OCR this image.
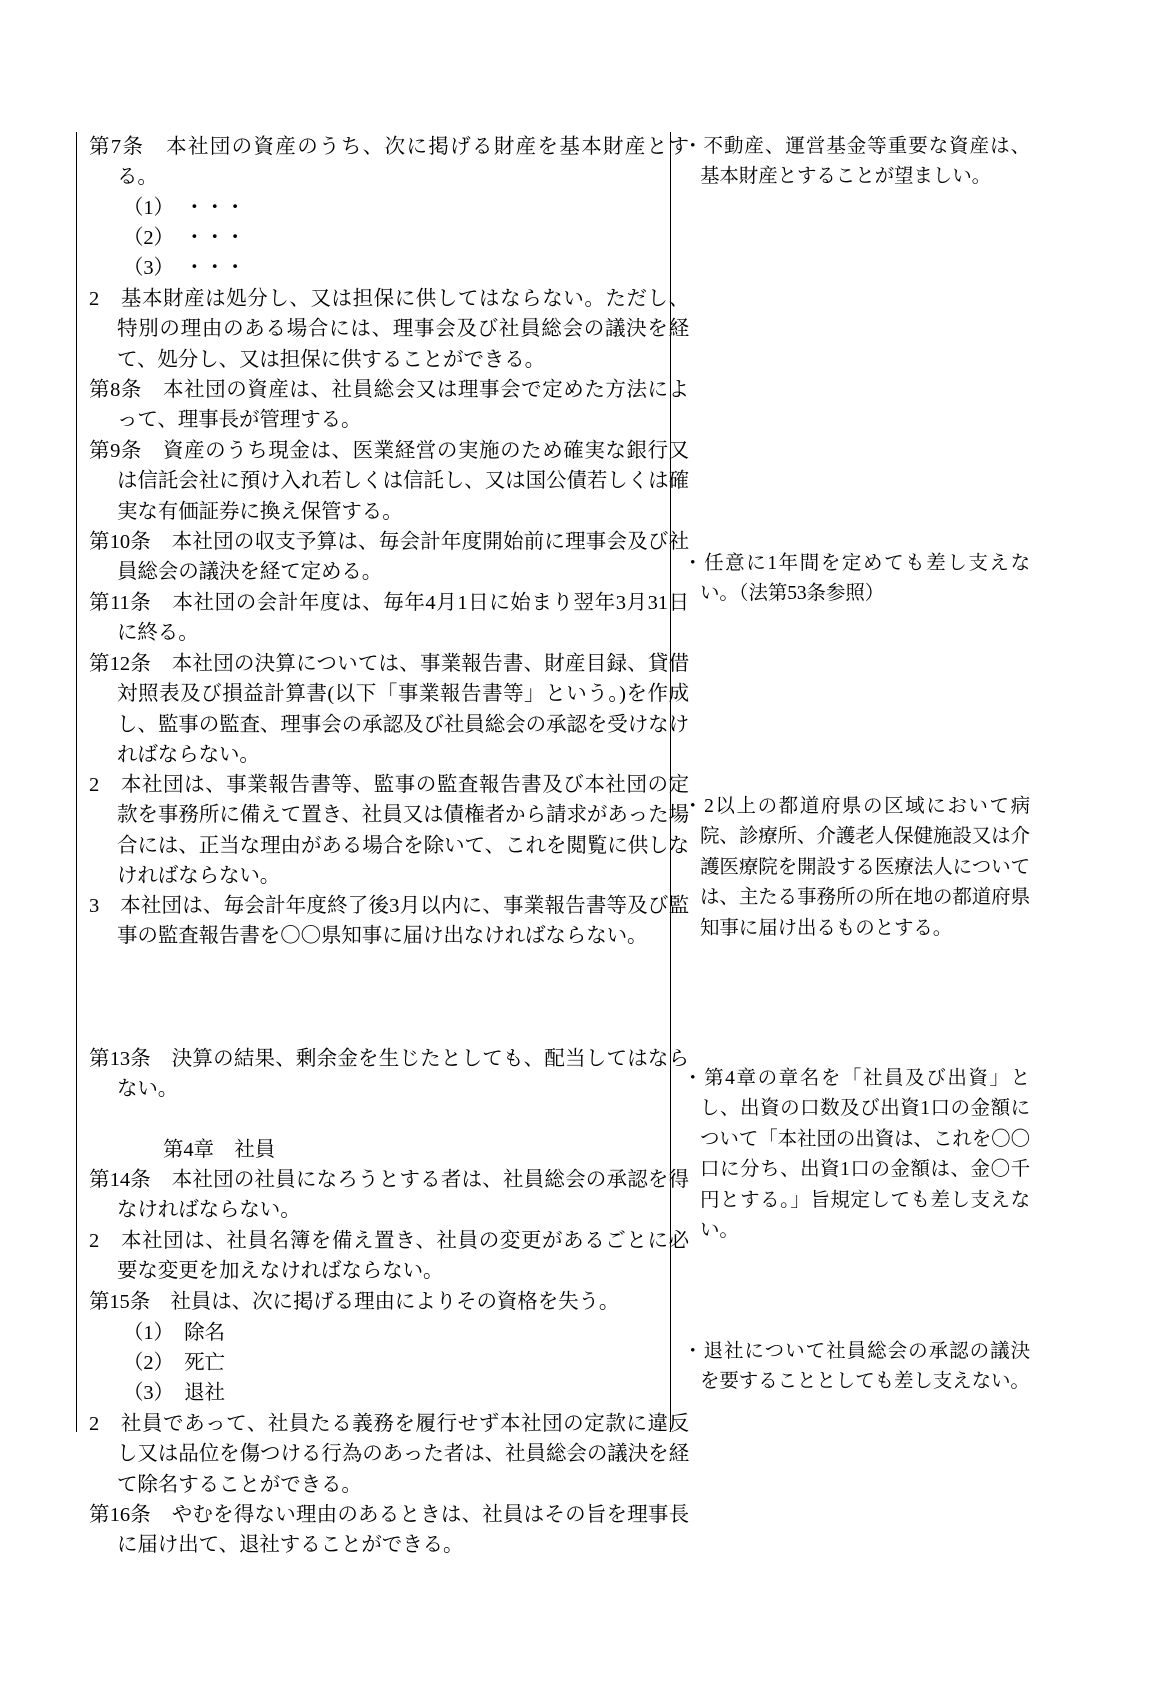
第7条　本社団の資産のうち、次に掲げる財産を基本財産とする。
（1）　・・・
（2）　・・・
（3）　・・・
2　基本財産は処分し、又は担保に供してはならない。ただし、特別の理由のある場合には、理事会及び社員総会の議決を経て、処分し、又は担保に供することができる。
第8条　本社団の資産は、社員総会又は理事会で定めた方法によって、理事長が管理する。
第9条　資産のうち現金は、医業経営の実施のため確実な銀行又は信託会社に預け入れ若しくは信託し、又は国公債若しくは確実な有価証券に換え保管する。
第10条　本社団の収支予算は、毎会計年度開始前に理事会及び社員総会の議決を経て定める。
第11条　本社団の会計年度は、毎年4月1日に始まり翌年3月31日に終る。
第12条　本社団の決算については、事業報告書、財産目録、貸借対照表及び損益計算書(以下「事業報告書等」という。)を作成し、監事の監査、理事会の承認及び社員総会の承認を受けなければならない。
2　本社団は、事業報告書等、監事の監査報告書及び本社団の定款を事務所に備えて置き、社員又は債権者から請求があった場合には、正当な理由がある場合を除いて、これを閲覧に供しなければならない。
3　本社団は、毎会計年度終了後3月以内に、事業報告書等及び監事の監査報告書を〇〇県知事に届け出なければならない。
第13条　決算の結果、剰余金を生じたとしても、配当してはならない。
第4章　社員
第14条　本社団の社員になろうとする者は、社員総会の承認を得なければならない。
2　本社団は、社員名簿を備え置き、社員の変更があるごとに必要な変更を加えなければならない。
第15条　社員は、次に掲げる理由によりその資格を失う。
（1）　除名
（2）　死亡
（3）　退社
2　社員であって、社員たる義務を履行せず本社団の定款に違反し又は品位を傷つける行為のあった者は、社員総会の議決を経て除名することができる。
第16条　やむを得ない理由のあるときは、社員はその旨を理事長に届け出て、退社することができる。
・不動産、運営基金等重要な資産は、基本財産とすることが望ましい。
・任意に1年間を定めても差し支えない。（法第53条参照）
・2以上の都道府県の区域において病院、診療所、介護老人保健施設又は介護医療院を開設する医療法人については、主たる事務所の所在地の都道府県知事に届け出るものとする。
・第4章の章名を「社員及び出資」とし、出資の口数及び出資1口の金額について「本社団の出資は、これを〇〇口に分ち、出資1口の金額は、金〇千円とする。」旨規定しても差し支えない。
・退社について社員総会の承認の議決を要することとしても差し支えない。
